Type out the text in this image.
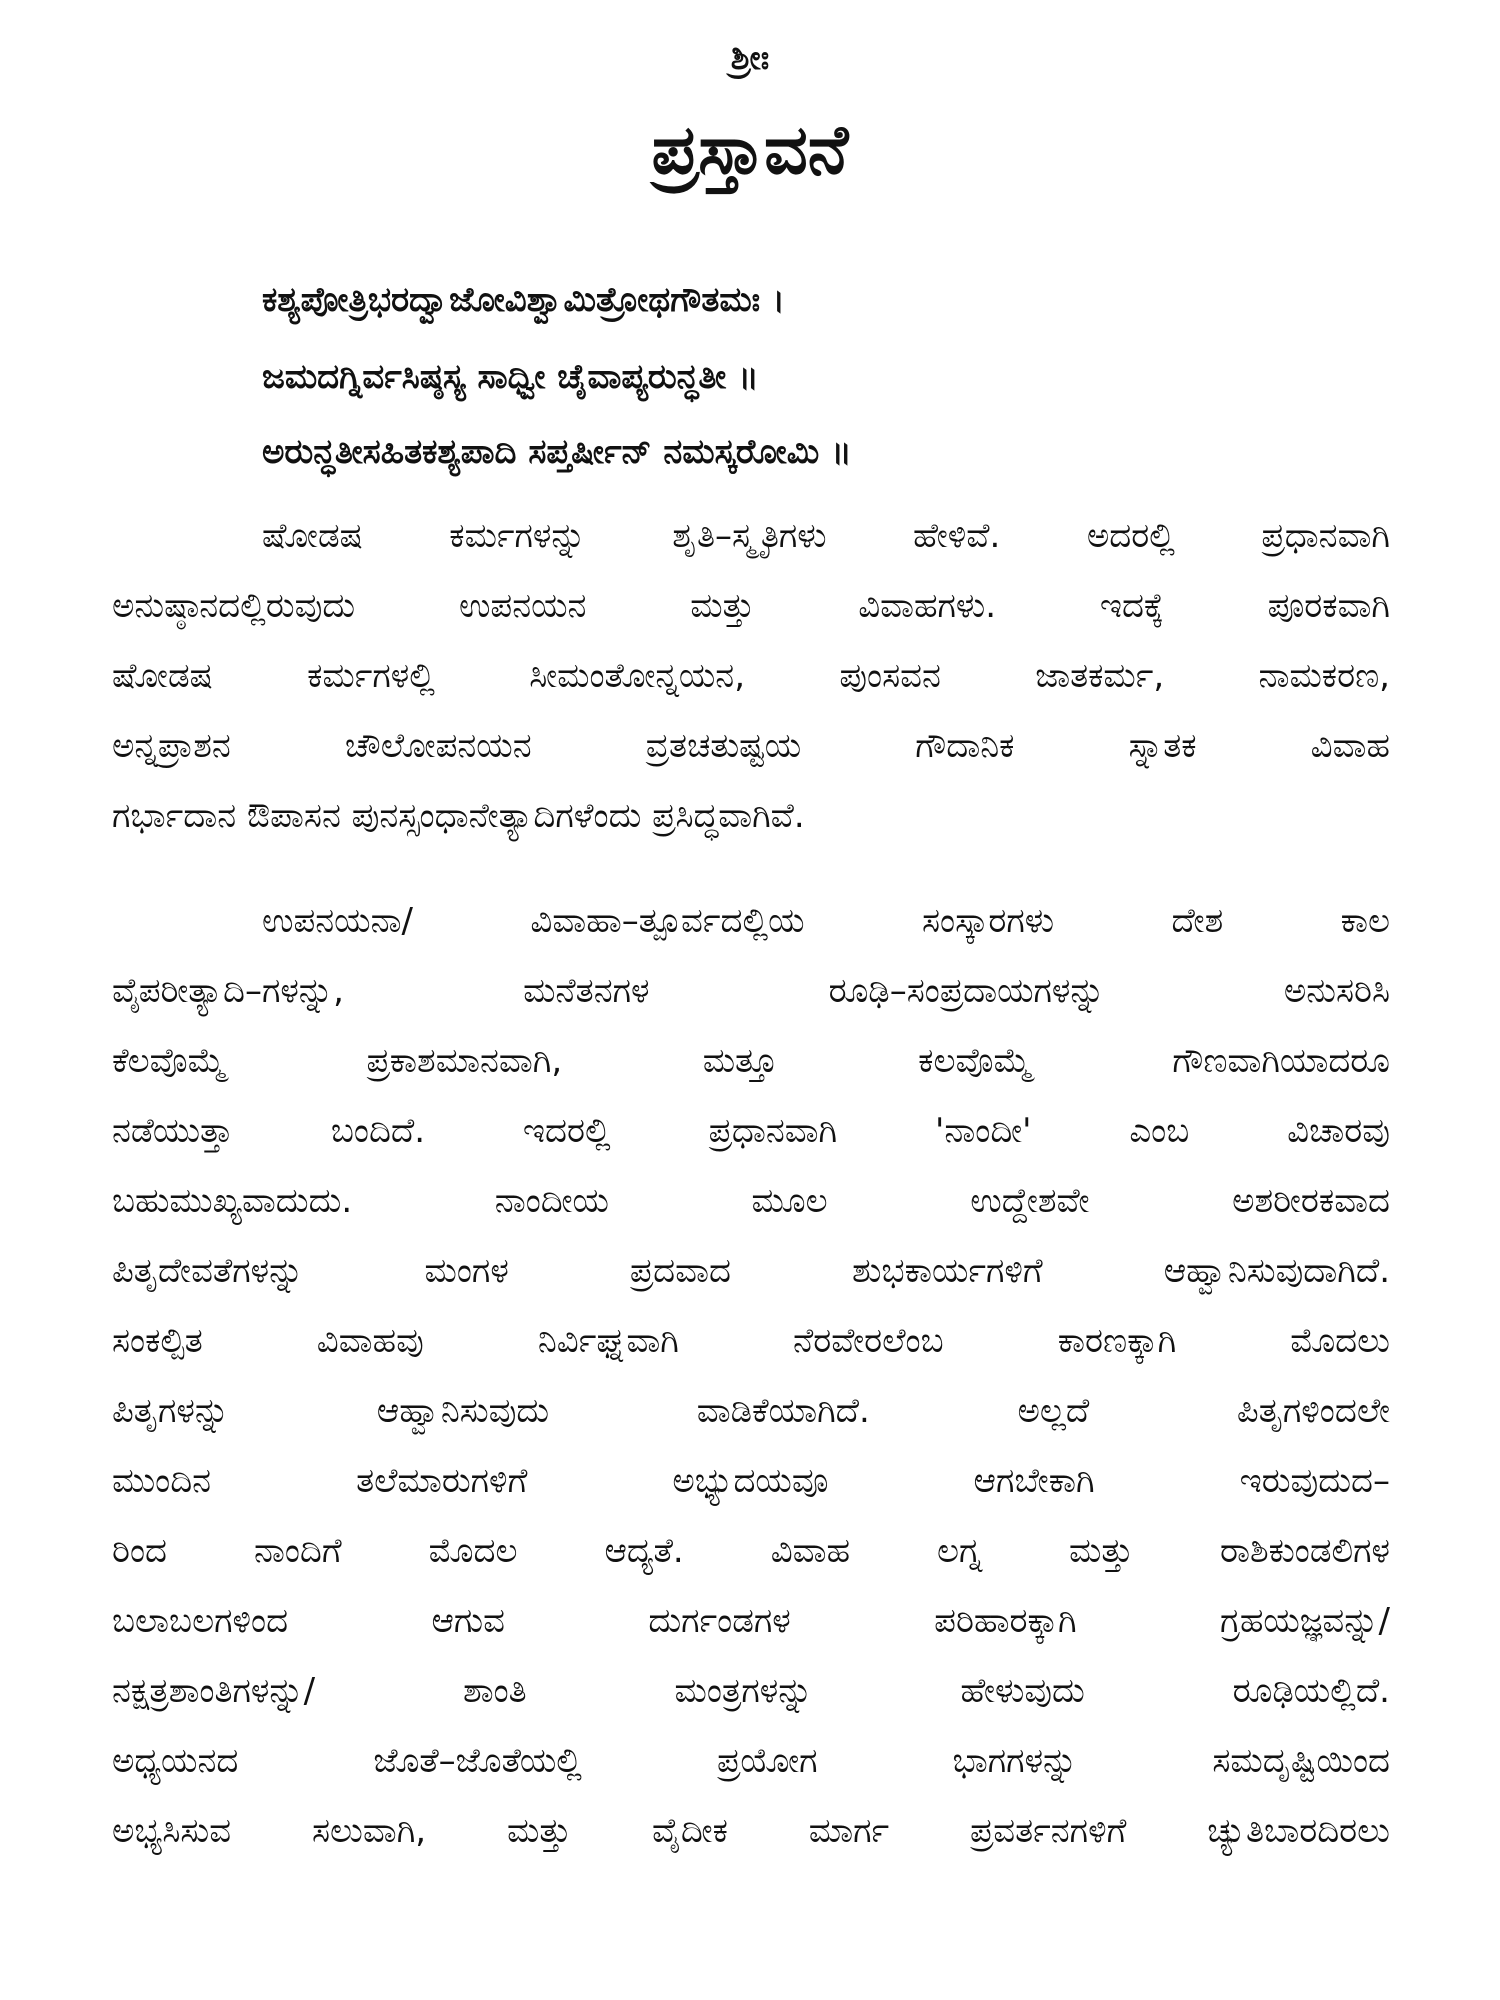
ಶ್ರೀಃ
ಪ್ರಸ್ತಾವನೆ
ಕಶ್ಯಪೋತ್ರಿಭರದ್ವಾಜೋವಿಶ್ವಾಮಿತ್ರೋಥಗೌತಮಃ ।
ಜಮದಗ್ನಿರ್ವಸಿಷ್ಠಸ್ಯ ಸಾಧ್ವೀ ಚೈವಾಪ್ಯರುನ್ಧತೀ ॥
ಅರುನ್ಧತೀಸಹಿತಕಶ್ಯಪಾದಿ ಸಪ್ತರ್ಷೀನ್ ನಮಸ್ಕರೋಮಿ ॥
ಷೋಡಷ ಕರ್ಮಗಳನ್ನು ಶೃತಿ–ಸ್ಮೃತಿಗಳು ಹೇಳಿವೆ. ಅದರಲ್ಲಿ ಪ್ರಧಾನವಾಗಿ
ಅನುಷ್ಠಾನದಲ್ಲಿರುವುದು ಉಪನಯನ ಮತ್ತು ವಿವಾಹಗಳು. ಇದಕ್ಕೆ ಪೂರಕವಾಗಿ
ಷೋಡಷ ಕರ್ಮಗಳಲ್ಲಿ ಸೀಮಂತೋನ್ನಯನ, ಪುಂಸವನ ಜಾತಕರ್ಮ, ನಾಮಕರಣ,
ಅನ್ನಪ್ರಾಶನ ಚೌಲೋಪನಯನ ವ್ರತಚತುಷ್ಟಯ ಗೌದಾನಿಕ ಸ್ನಾತಕ ವಿವಾಹ
ಗರ್ಭಾದಾನ ಔಪಾಸನ ಪುನಸ್ಸಂಧಾನೇತ್ಯಾದಿಗಳೆಂದು ಪ್ರಸಿದ್ಧವಾಗಿವೆ.
ಉಪನಯನಾ/ ವಿವಾಹಾ–ತ್ಪೂರ್ವದಲ್ಲಿಯ ಸಂಸ್ಕಾರಗಳು ದೇಶ ಕಾಲ
ವೈಪರೀತ್ಯಾದಿ–ಗಳನ್ನು, ಮನೆತನಗಳ ರೂಢಿ–ಸಂಪ್ರದಾಯಗಳನ್ನು ಅನುಸರಿಸಿ
ಕೆಲವೊಮ್ಮೆ ಪ್ರಕಾಶಮಾನವಾಗಿ, ಮತ್ತೂ ಕಲವೊಮ್ಮೆ ಗೌಣವಾಗಿಯಾದರೂ
ನಡೆಯುತ್ತಾ ಬಂದಿದೆ. ಇದರಲ್ಲಿ ಪ್ರಧಾನವಾಗಿ 'ನಾಂದೀ' ಎಂಬ ವಿಚಾರವು
ಬಹುಮುಖ್ಯವಾದುದು. ನಾಂದೀಯ ಮೂಲ ಉದ್ದೇಶವೇ ಅಶರೀರಕವಾದ
ಪಿತೃದೇವತೆಗಳನ್ನು ಮಂಗಳ ಪ್ರದವಾದ ಶುಭಕಾರ್ಯಗಳಿಗೆ ಆಹ್ವಾನಿಸುವುದಾಗಿದೆ.
ಸಂಕಲ್ಪಿತ ವಿವಾಹವು ನಿರ್ವಿಘ್ನವಾಗಿ ನೆರವೇರಲೆಂಬ ಕಾರಣಕ್ಕಾಗಿ ಮೊದಲು
ಪಿತೃಗಳನ್ನು ಆಹ್ವಾನಿಸುವುದು ವಾಡಿಕೆಯಾಗಿದೆ. ಅಲ್ಲದೆ ಪಿತೃಗಳಿಂದಲೇ
ಮುಂದಿನ ತಲೆಮಾರುಗಳಿಗೆ ಅಭ್ಯುದಯವೂ ಆಗಬೇಕಾಗಿ ಇರುವುದುದ–
ರಿಂದ ನಾಂದಿಗೆ ಮೊದಲ ಆದ್ಯತೆ. ವಿವಾಹ ಲಗ್ನ ಮತ್ತು ರಾಶಿಕುಂಡಲಿಗಳ
ಬಲಾಬಲಗಳಿಂದ ಆಗುವ ದುರ್ಗಂಡಗಳ ಪರಿಹಾರಕ್ಕಾಗಿ ಗ್ರಹಯಜ್ಞವನ್ನು/
ನಕ್ಷತ್ರಶಾಂತಿಗಳನ್ನು/ ಶಾಂತಿ ಮಂತ್ರಗಳನ್ನು ಹೇಳುವುದು ರೂಢಿಯಲ್ಲಿದೆ.
ಅಧ್ಯಯನದ ಜೊತೆ–ಜೊತೆಯಲ್ಲಿ ಪ್ರಯೋಗ ಭಾಗಗಳನ್ನು ಸಮದೃಷ್ಟಿಯಿಂದ
ಅಭ್ಯಸಿಸುವ ಸಲುವಾಗಿ, ಮತ್ತು ವೈದೀಕ ಮಾರ್ಗ ಪ್ರವರ್ತನಗಳಿಗೆ ಚ್ಯುತಿಬಾರದಿರಲು
